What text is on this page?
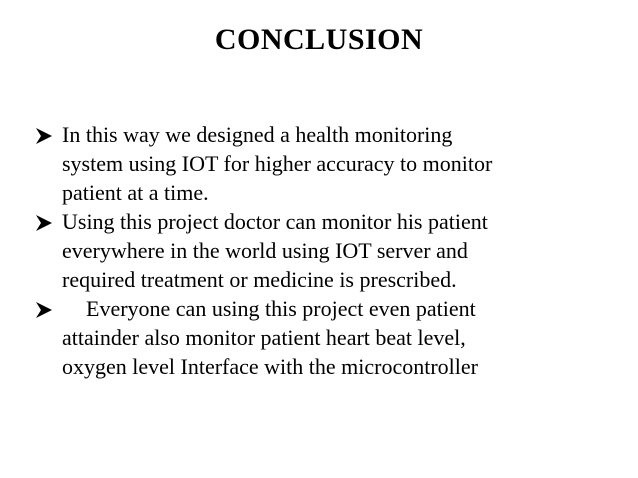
CONCLUSION
In this way we designed a health monitoring
system using IOT for higher accuracy to monitor
patient at a time.
Using this project doctor can monitor his patient
everywhere in the world using IOT server and
required treatment or medicine is prescribed.
Everyone can using this project even patient
attainder also monitor patient heart beat level,
oxygen level Interface with the microcontroller
